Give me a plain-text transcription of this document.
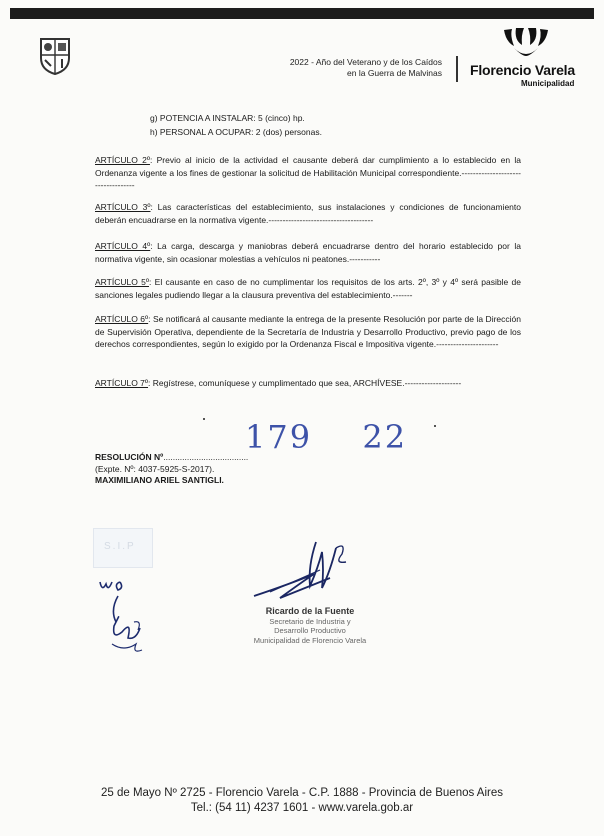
2022 - Año del Veterano y de los Caídos
en la Guerra de Malvinas Florencio Varela
Municipalidad
g) POTENCIA A INSTALAR: 5 (cinco) hp.
h) PERSONAL A OCUPAR: 2 (dos) personas.
ARTÍCULO 2º: Previo al inicio de la actividad el causante deberá dar cumplimiento a lo establecido en la Ordenanza vigente a los fines de gestionar la solicitud de Habilitación Municipal correspondiente.-----------------------------------
ARTÍCULO 3º: Las características del establecimiento, sus instalaciones y condiciones de funcionamiento deberán encuadrarse en la normativa vigente.-------------------------------------
ARTÍCULO 4º: La carga, descarga y maniobras deberá encuadrarse dentro del horario establecido por la normativa vigente, sin ocasionar molestias a vehículos ni peatones.-----------
ARTÍCULO 5º: El causante en caso de no cumplimentar los requisitos de los arts. 2º, 3º y 4º será pasible de sanciones legales pudiendo llegar a la clausura preventiva del establecimiento.-------
ARTÍCULO 6º: Se notificará al causante mediante la entrega de la presente Resolución por parte de la Dirección de Supervisión Operativa, dependiente de la Secretaría de Industria y Desarrollo Productivo, previo pago de los derechos correspondientes, según lo exigido por la Ordenanza Fiscal e Impositiva vigente.----------------------
ARTÍCULO 7º: Regístrese, comuníquese y cumplimentado que sea, ARCHÍVESE.--------------------
179 22
RESOLUCIÓN Nº....................................
(Expte. Nº: 4037-5925-S-2017).
MAXIMILIANO ARIEL SANTIGLI.
S.I.P
Ricardo de la Fuente
Secretario de Industria y
Desarrollo Productivo
Municipalidad de Florencio Varela
25 de Mayo Nº 2725 - Florencio Varela - C.P. 1888 - Provincia de Buenos Aires
Tel.: (54 11) 4237 1601 - www.varela.gob.ar
